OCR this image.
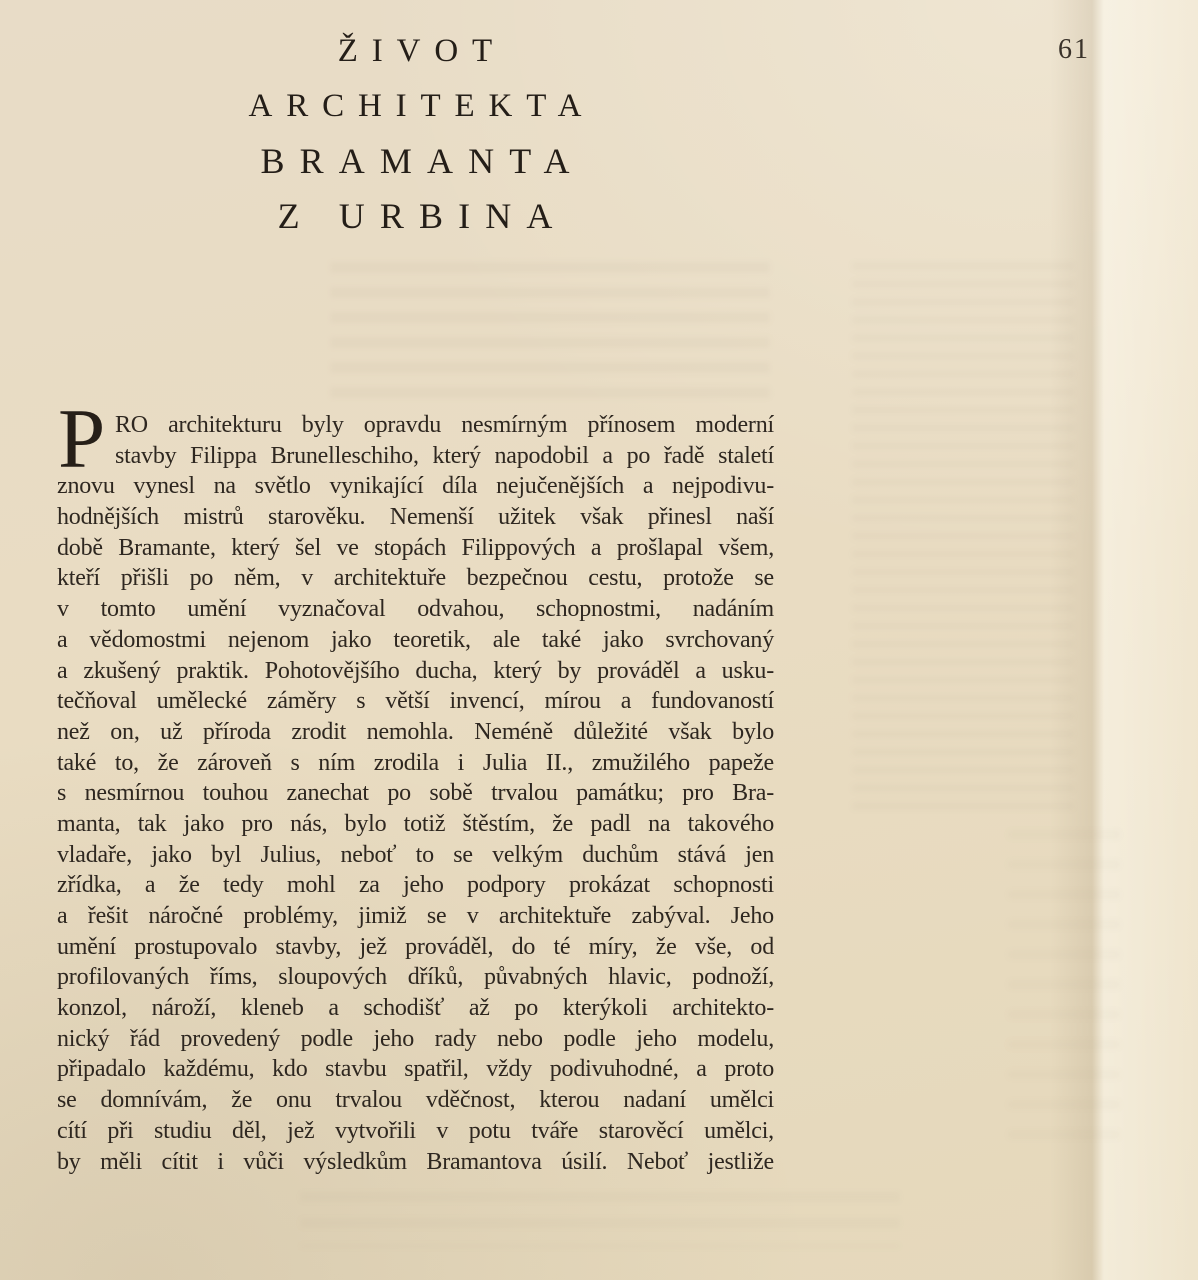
61
ŽIVOT
ARCHITEKTA
BRAMANTA
Z URBINA
P RO architekturu byly opravdu nesmírným přínosem moderní
stavby Filippa Brunelleschiho, který napodobil a po řadě staletí
znovu vynesl na světlo vynikající díla nejučenějších a nejpodivu-
hodnějších mistrů starověku. Nemenší užitek však přinesl naší
době Bramante, který šel ve stopách Filippových a prošlapal všem,
kteří přišli po něm, v architektuře bezpečnou cestu, protože se
v tomto umění vyznačoval odvahou, schopnostmi, nadáním
a vědomostmi nejenom jako teoretik, ale také jako svrchovaný
a zkušený praktik. Pohotovějšího ducha, který by prováděl a usku-
tečňoval umělecké záměry s větší invencí, mírou a fundovaností
než on, už příroda zrodit nemohla. Neméně důležité však bylo
také to, že zároveň s ním zrodila i Julia II., zmužilého papeže
s nesmírnou touhou zanechat po sobě trvalou památku; pro Bra-
manta, tak jako pro nás, bylo totiž štěstím, že padl na takového
vladaře, jako byl Julius, neboť to se velkým duchům stává jen
zřídka, a že tedy mohl za jeho podpory prokázat schopnosti
a řešit náročné problémy, jimiž se v architektuře zabýval. Jeho
umění prostupovalo stavby, jež prováděl, do té míry, že vše, od
profilovaných říms, sloupových dříků, půvabných hlavic, podnoží,
konzol, nároží, kleneb a schodišť až po kterýkoli architekto-
nický řád provedený podle jeho rady nebo podle jeho modelu,
připadalo každému, kdo stavbu spatřil, vždy podivuhodné, a proto
se domnívám, že onu trvalou vděčnost, kterou nadaní umělci
cítí při studiu děl, jež vytvořili v potu tváře starověcí umělci,
by měli cítit i vůči výsledkům Bramantova úsilí. Neboť jestliže
